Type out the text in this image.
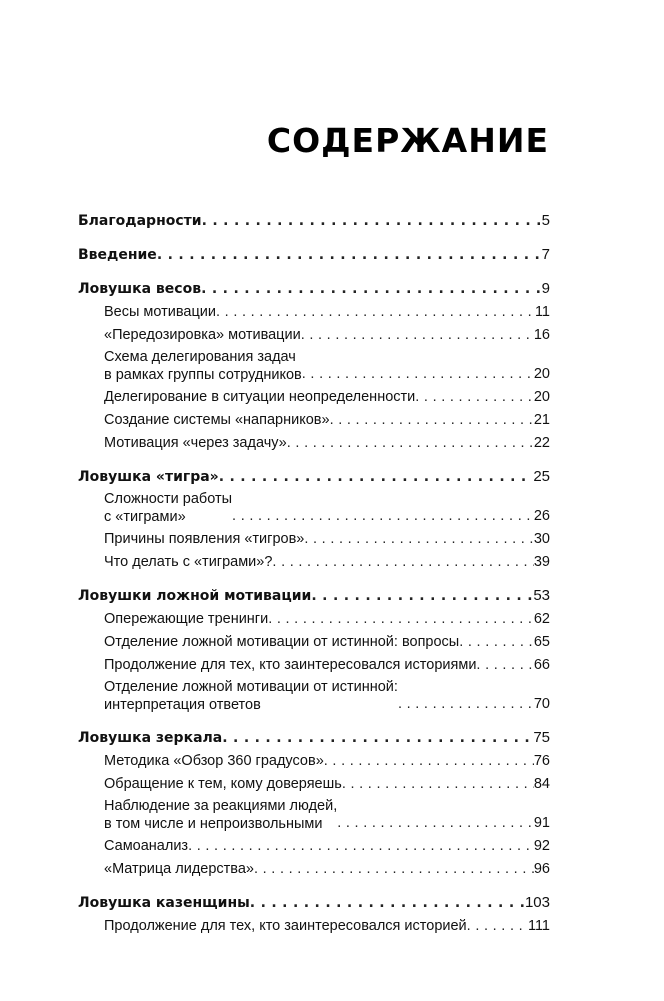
СОДЕРЖАНИЕ
Благодарности . . .	5
Введение . . .	7
Ловушка весов . . .	9
Весы мотивации . . .	11
«Передозировка» мотивации . . .	16
Схема делегирования задач
в рамках группы сотрудников . . .	20
Делегирование в ситуации неопределенности . . .	20
Создание системы «напарников» . . .	21
Мотивация «через задачу» . . .	22
Ловушка «тигра» . . .	25
Сложности работы
с «тиграми» . . .	26
Причины появления «тигров» . . .	30
Что делать с «тиграми»? . . .	39
Ловушки ложной мотивации . . .	53
Опережающие тренинги . . .	62
Отделение ложной мотивации от истинной: вопросы . . .	65
Продолжение для тех, кто заинтересовался историями . . .	66
Отделение ложной мотивации от истинной:
интерпретация ответов . . .	70
Ловушка зеркала . . .	75
Методика «Обзор 360 градусов» . . .	76
Обращение к тем, кому доверяешь . . .	84
Наблюдение за реакциями людей,
в том числе и непроизвольными . . .	91
Самоанализ . . .	92
«Матрица лидерства» . . .	96
Ловушка казенщины . . .	103
Продолжение для тех, кто заинтересовался историей . . .	111
